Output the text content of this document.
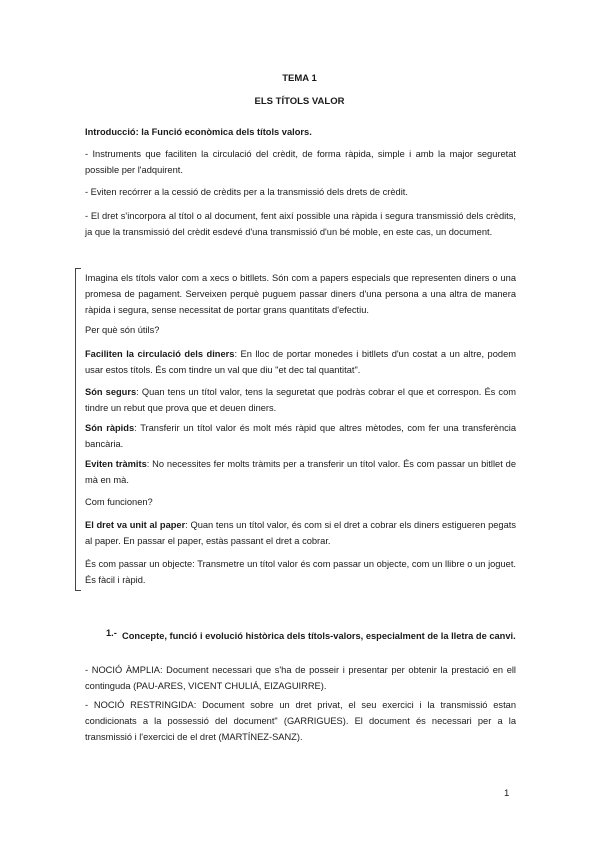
TEMA 1
ELS TÍTOLS VALOR

Introducció: la Funció econòmica dels títols valors.

- Instruments que faciliten la circulació del crèdit, de forma ràpida, simple i amb la major seguretat possible per l'adquirent.

- Eviten recórrer a la cessió de crèdits per a la transmissió dels drets de crèdit.

- El dret s'incorpora al títol o al document, fent així possible una ràpida i segura transmissió dels crèdits, ja que la transmissió del crèdit esdevé d'una transmissió d'un bé moble, en este cas, un document.

Imagina els títols valor com a xecs o bitllets. Són com a papers especials que representen diners o una promesa de pagament. Serveixen perquè puguem passar diners d'una persona a una altra de manera ràpida i segura, sense necessitat de portar grans quantitats d'efectiu.

Per què són útils?

Faciliten la circulació dels diners: En lloc de portar monedes i bitllets d'un costat a un altre, podem usar estos títols. És com tindre un val que diu "et dec tal quantitat".

Són segurs: Quan tens un títol valor, tens la seguretat que podràs cobrar el que et correspon. És com tindre un rebut que prova que et deuen diners.

Són ràpids: Transferir un títol valor és molt més ràpid que altres mètodes, com fer una transferència bancària.

Eviten tràmits: No necessites fer molts tràmits per a transferir un títol valor. És com passar un bitllet de mà en mà.

Com funcionen?

El dret va unit al paper: Quan tens un títol valor, és com si el dret a cobrar els diners estigueren pegats al paper. En passar el paper, estàs passant el dret a cobrar.

És com passar un objecte: Transmetre un títol valor és com passar un objecte, com un llibre o un joguet. És fàcil i ràpid.

1.- Concepte, funció i evolució històrica dels títols-valors, especialment de la lletra de canvi.

- NOCIÓ ÀMPLIA: Document necessari que s'ha de posseir i presentar per obtenir la prestació en ell continguda (PAU-ARES, VICENT CHULIÁ, EIZAGUIRRE).

- NOCIÓ RESTRINGIDA: Document sobre un dret privat, el seu exercici i la transmissió estan condicionats a la possessió del document" (GARRIGUES). El document és necessari per a la transmissió i l'exercici de el dret (MARTÍNEZ-SANZ).

1
